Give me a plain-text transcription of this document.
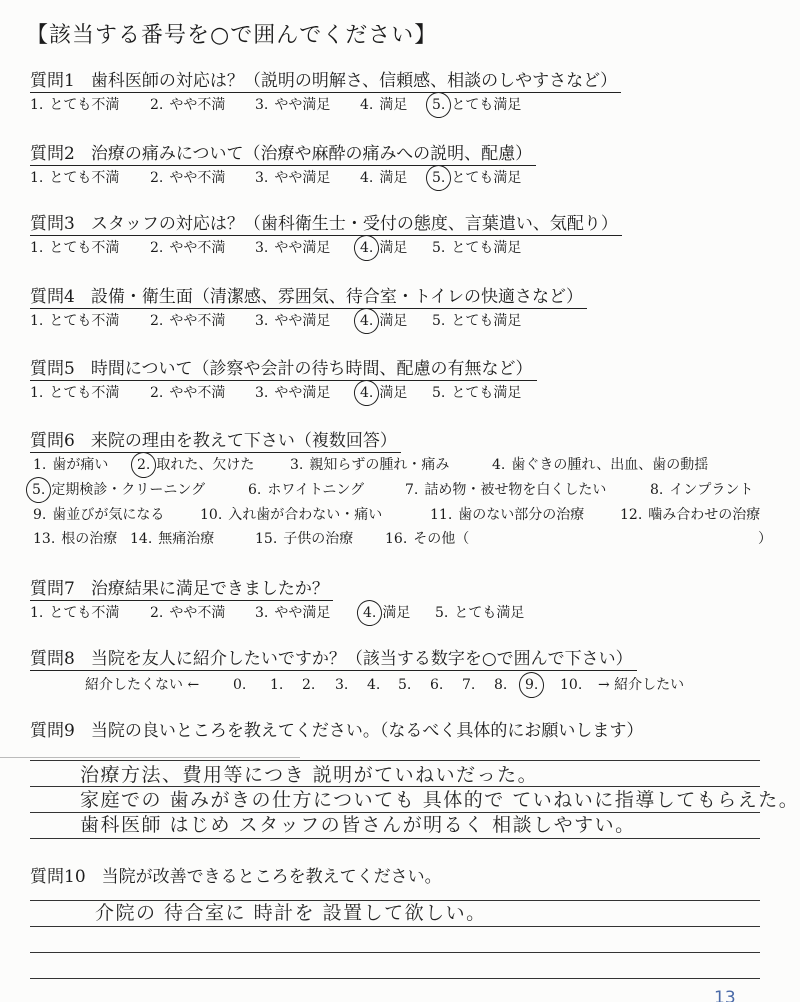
【該当する番号を○で囲んでください】
質問1 歯科医師の対応は？（説明の明解さ、信頼感、相談のしやすさなど）
1. とても不満 2. やや不満 3. やや満足 4. 満足 5. とても満足
質問2 治療の痛みについて（治療や麻酔の痛みへの説明、配慮）
1. とても不満 2. やや不満 3. やや満足 4. 満足 5. とても満足
質問3 スタッフの対応は？（歯科衛生士・受付の態度、言葉遣い、気配り）
1. とても不満 2. やや不満 3. やや満足 4. 満足 5. とても満足
質問4 設備・衛生面（清潔感、雰囲気、待合室・トイレの快適さなど）
1. とても不満 2. やや不満 3. やや満足 4. 満足 5. とても満足
質問5 時間について（診察や会計の待ち時間、配慮の有無など）
1. とても不満 2. やや不満 3. やや満足 4. 満足 5. とても満足
質問6 来院の理由を教えて下さい（複数回答）
1. 歯が痛い 2. 取れた、欠けた	3. 親知らずの腫れ・痛み	4. 歯ぐきの腫れ、出血、歯の動揺
5. 定期検診・クリーニング	6. ホワイトニング	7. 詰め物・被せ物を白くしたい	8. インプラント
9. 歯並びが気になる	10. 入れ歯が合わない・痛い	11. 歯のない部分の治療	12. 噛み合わせの治療
13. 根の治療 14. 無痛治療	15. 子供の治療 16. その他（	）
質問7 治療結果に満足できましたか？
1. とても不満 2. やや不満 3. やや満足 4. 満足 5. とても満足
質問8 当院を友人に紹介したいですか？（該当する数字を○で囲んで下さい）
紹介したくない ← 0.	1.	2.	3.	4.	5.	6.	7.	8.	9.	10.	→ 紹介したい
質問9 当院の良いところを教えてください。（なるべく具体的にお願いします）
治療方法、費用等につき 説明がていねいだった。
家庭での 歯みがきの仕方についても 具体的で ていねいに指導してもらえた。
歯科医師 はじめ スタッフの皆さんが明るく 相談しやすい。
質問10 当院が改善できるところを教えてください。
介院の 待合室に 時計を 設置して欲しい。
13
